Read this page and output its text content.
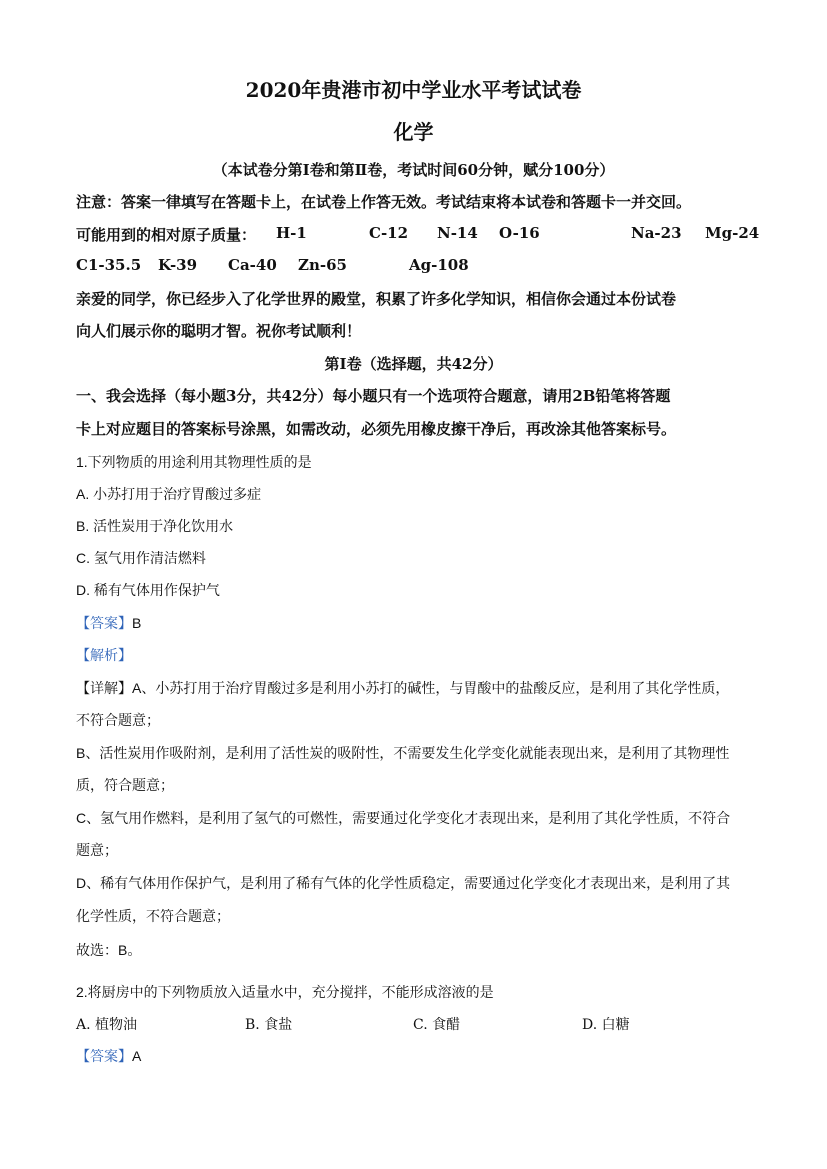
2020年贵港市初中学业水平考试试卷
化学
（本试卷分第Ⅰ卷和第Ⅱ卷，考试时间60分钟，赋分100分）
注意：答案一律填写在答题卡上，在试卷上作答无效。考试结束将本试卷和答题卡一并交回。
可能用到的相对原子质量： H-1	C-12 N-14 O-16	Na-23 Mg-24
C1-35.5 K-39 Ca-40 Zn-65	Ag-108
亲爱的同学，你已经步入了化学世界的殿堂，积累了许多化学知识，相信你会通过本份试卷
向人们展示你的聪明才智。祝你考试顺利！
第Ⅰ卷（选择题，共42分）
一、我会选择（每小题3分，共42分）每小题只有一个选项符合题意，请用2B铅笔将答题
卡上对应题目的答案标号涂黑，如需改动，必须先用橡皮擦干净后，再改涂其他答案标号。
1.下列物质的用途利用其物理性质的是
A. 小苏打用于治疗胃酸过多症
B. 活性炭用于净化饮用水
C. 氢气用作清洁燃料
D. 稀有气体用作保护气
【答案】B
【解析】
【详解】A、小苏打用于治疗胃酸过多是利用小苏打的碱性，与胃酸中的盐酸反应，是利用了其化学性质，
不符合题意；
B、活性炭用作吸附剂，是利用了活性炭的吸附性，不需要发生化学变化就能表现出来，是利用了其物理性
质，符合题意；
C、氢气用作燃料，是利用了氢气的可燃性，需要通过化学变化才表现出来，是利用了其化学性质，不符合
题意；
D、稀有气体用作保护气，是利用了稀有气体的化学性质稳定，需要通过化学变化才表现出来，是利用了其
化学性质，不符合题意；
故选：B。
2.将厨房中的下列物质放入适量水中，充分搅拌，不能形成溶液的是
A. 植物油	B. 食盐	C. 食醋	D. 白糖
【答案】A
